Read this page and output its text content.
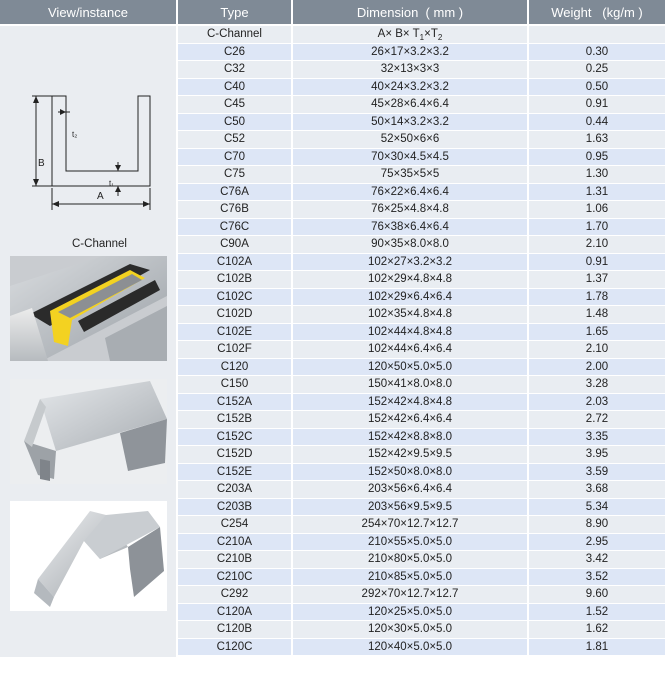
View/instance	Type	Dimension  ( mm )	Weight   (kg/m )
B
A
t₂
t₁
C-Channel
C-Channel	A× B× T 1 ×T 2
C26	26×17×3.2×3.2	0.30
C32	32×13×3×3	0.25
C40	40×24×3.2×3.2	0.50
C45	45×28×6.4×6.4	0.91
C50	50×14×3.2×3.2	0.44
C52	52×50×6×6	1.63
C70	70×30×4.5×4.5	0.95
C75	75×35×5×5	1.30
C76A	76×22×6.4×6.4	1.31
C76B	76×25×4.8×4.8	1.06
C76C	76×38×6.4×6.4	1.70
C90A	90×35×8.0×8.0	2.10
C102A	102×27×3.2×3.2	0.91
C102B	102×29×4.8×4.8	1.37
C102C	102×29×6.4×6.4	1.78
C102D	102×35×4.8×4.8	1.48
C102E	102×44×4.8×4.8	1.65
C102F	102×44×6.4×6.4	2.10
C120	120×50×5.0×5.0	2.00
C150	150×41×8.0×8.0	3.28
C152A	152×42×4.8×4.8	2.03
C152B	152×42×6.4×6.4	2.72
C152C	152×42×8.8×8.0	3.35
C152D	152×42×9.5×9.5	3.95
C152E	152×50×8.0×8.0	3.59
C203A	203×56×6.4×6.4	3.68
C203B	203×56×9.5×9.5	5.34
C254	254×70×12.7×12.7	8.90
C210A	210×55×5.0×5.0	2.95
C210B	210×80×5.0×5.0	3.42
C210C	210×85×5.0×5.0	3.52
C292	292×70×12.7×12.7	9.60
C120A	120×25×5.0×5.0	1.52
C120B	120×30×5.0×5.0	1.62
C120C	120×40×5.0×5.0	1.81
